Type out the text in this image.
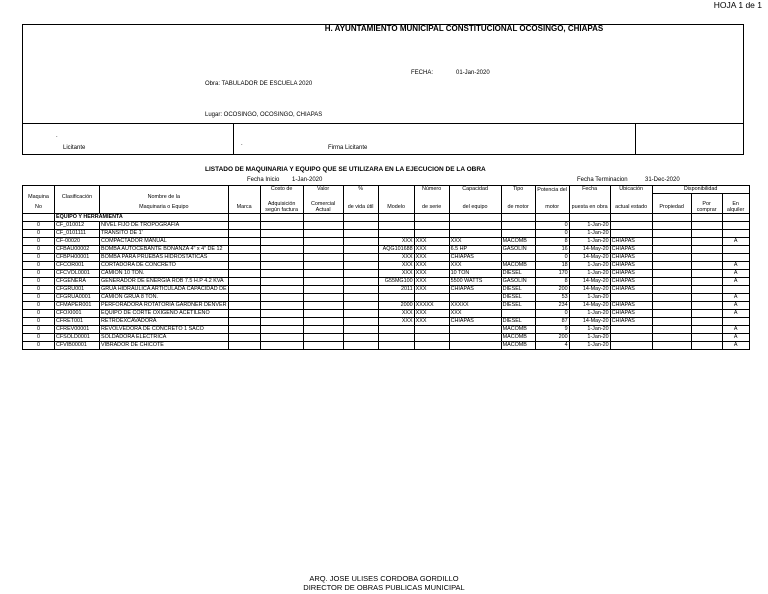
HOJA 1 de 1
H. AYUNTAMIENTO MUNICIPAL CONSTITUCIONAL OCOSINGO, CHIAPAS
FECHA:	01-Jan-2020
Obra: TABULADOR DE ESCUELA 2020
Lugar: OCOSINGO, OCOSINGO, CHIAPAS
.
.
Licitante	Firma Licitante
LISTADO DE MAQUINARIA Y EQUIPO QUE SE UTILIZARA EN LA EJECUCION DE LA OBRA
Fecha Inicio 1-Jan-2020	Fecha Terminacion	31-Dec-2020
				Costo de	Valor	%		Número	Capacidad	Tipo	Potencia del	Fecha	Ubicación	Disponibilidad		
Maquina	Clasificación	Nombre de la														
No		Maquinaria o Equipo	Marca	Adquisición según factura	Comercial Actual	de vida útil	Modelo	de serie	del equipo	de motor	motor	puesta en obra	actual estado	Propiedad	Por comprar	En alquiler
	EQUIPO Y HERRAMIENTA															
0	CF_010012	NIVEL FIJO DE TROPOGRAFIA									0	1-Jan-20				
0	CF_0101111	TRANSITO DE 1'									0	1-Jan-20				
0	CF-00020	COMPACTADOR MANUAL					XXX	XXX	XXX	MACOMB	8	1-Jan-20	CHIAPAS			A
0	CFBAU00002	BOMBA AUTOCEBANTE BONANZA 4" x 4" DE 12					AQG101688	XXX	6.5 HP	GASOLIN	16	14-May-20	CHIAPAS			
0	CFBPH00001	BOMBA PARA PRUEBAS HIDROSTATICAS					XXX	XXX	CHIAPAS		0	14-May-20	CHIAPAS			
0	CFCOR001	CORTADORA DE CONCRETO					XXX	XXX	XXX	MACOMB	18	1-Jan-20	CHIAPAS			A
0	CFCVOL0001	CAMION 10 TON.					XXX	XXX	10 TON	DIESEL	170	1-Jan-20	CHIAPAS			A
0	CFGENERA	GENERADOR DE ENERGIA ROB 7.5 H.P 4.2 KVA					G55MG100	XXX	5500 WATTS	GASOLIN	8	14-May-20	CHIAPAS			A
0	CFGRU001	GRUA HIDRAULICA ARTICULADA CAPACIDAD DE					2011	XXX	CHIAPAS	DIESEL	200	14-May-20	CHIAPAS			
0	CFGRUA0001	CAMION GRUA 8 TON.								DIESEL	53	1-Jan-20				A
0	CFMAPER001	PERFORADORA ROTATORIA GARDNER DENVER					2000	XXXXX	XXXXX	DIESEL	234	14-May-20	CHIAPAS			A
0	CFOXI001	EQUIPO DE CORTE OXIGENO ACETILENO					XXX	XXX	XXX		0	1-Jan-20	CHIAPAS			A
0	CFRET001	RETROEXCAVADORA					XXX	XXX	CHIAPAS	DIESEL	87	14-May-20	CHIAPAS			
0	CFREV00001	REVOLVEDORA DE CONCRETO 1 SACO								MACOMB	9	1-Jan-20				A
0	CFSOLD0001	SOLDADORA ELECTRICA								MACOMB	200	1-Jan-20				A
0	CFVIB00001	VIBRADOR DE CHICOTE								MACOMB	4	1-Jan-20				A
ARQ. JOSE ULISES CORDOBA GORDILLO
DIRECTOR DE OBRAS PUBLICAS MUNICIPAL
